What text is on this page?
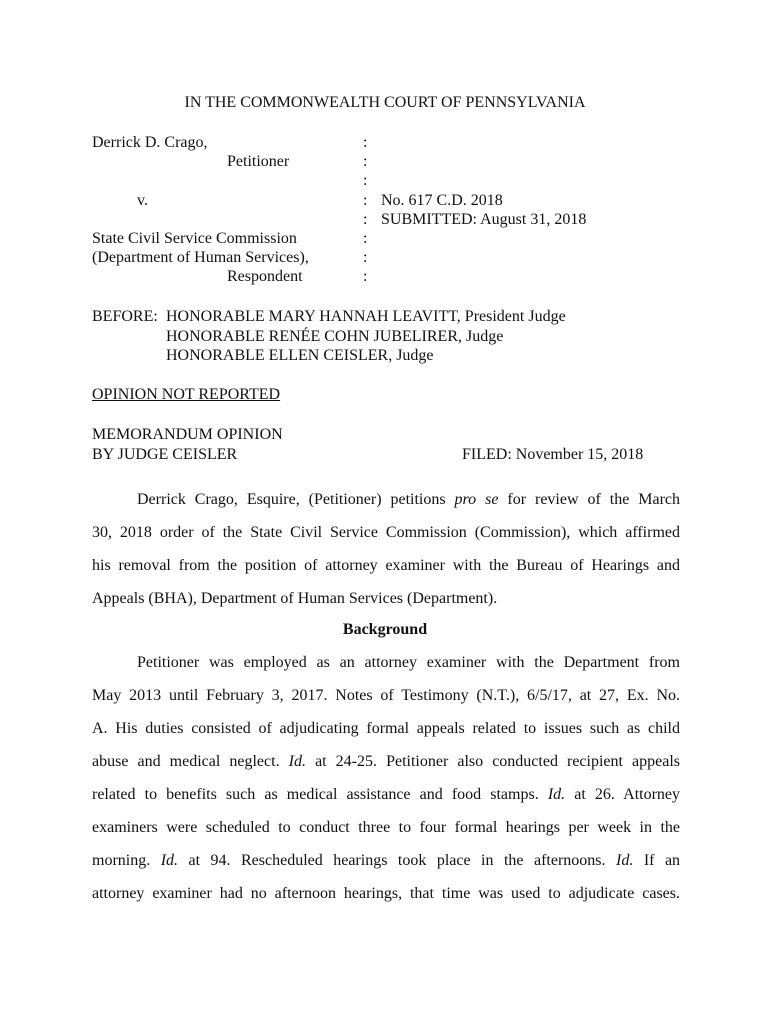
IN THE COMMONWEALTH COURT OF PENNSYLVANIA
Derrick D. Crago,
Petitioner
v.
State Civil Service Commission
(Department of Human Services),
Respondent
:
:
:
:
:
:
:
:
No. 617 C.D. 2018
SUBMITTED: August 31, 2018
BEFORE: HONORABLE MARY HANNAH LEAVITT, President Judge
HONORABLE RENÉE COHN JUBELIRER, Judge
HONORABLE ELLEN CEISLER, Judge
OPINION NOT REPORTED
MEMORANDUM OPINION
BY JUDGE CEISLER	FILED: November 15, 2018
Derrick Crago, Esquire, (Petitioner) petitions pro se for review of the March
30, 2018 order of the State Civil Service Commission (Commission), which affirmed
his removal from the position of attorney examiner with the Bureau of Hearings and
Appeals (BHA), Department of Human Services (Department).
Background
Petitioner was employed as an attorney examiner with the Department from
May 2013 until February 3, 2017. Notes of Testimony (N.T.), 6/5/17, at 27, Ex. No.
A. His duties consisted of adjudicating formal appeals related to issues such as child
abuse and medical neglect. Id. at 24-25. Petitioner also conducted recipient appeals
related to benefits such as medical assistance and food stamps. Id. at 26. Attorney
examiners were scheduled to conduct three to four formal hearings per week in the
morning. Id. at 94. Rescheduled hearings took place in the afternoons. Id. If an
attorney examiner had no afternoon hearings, that time was used to adjudicate cases.
